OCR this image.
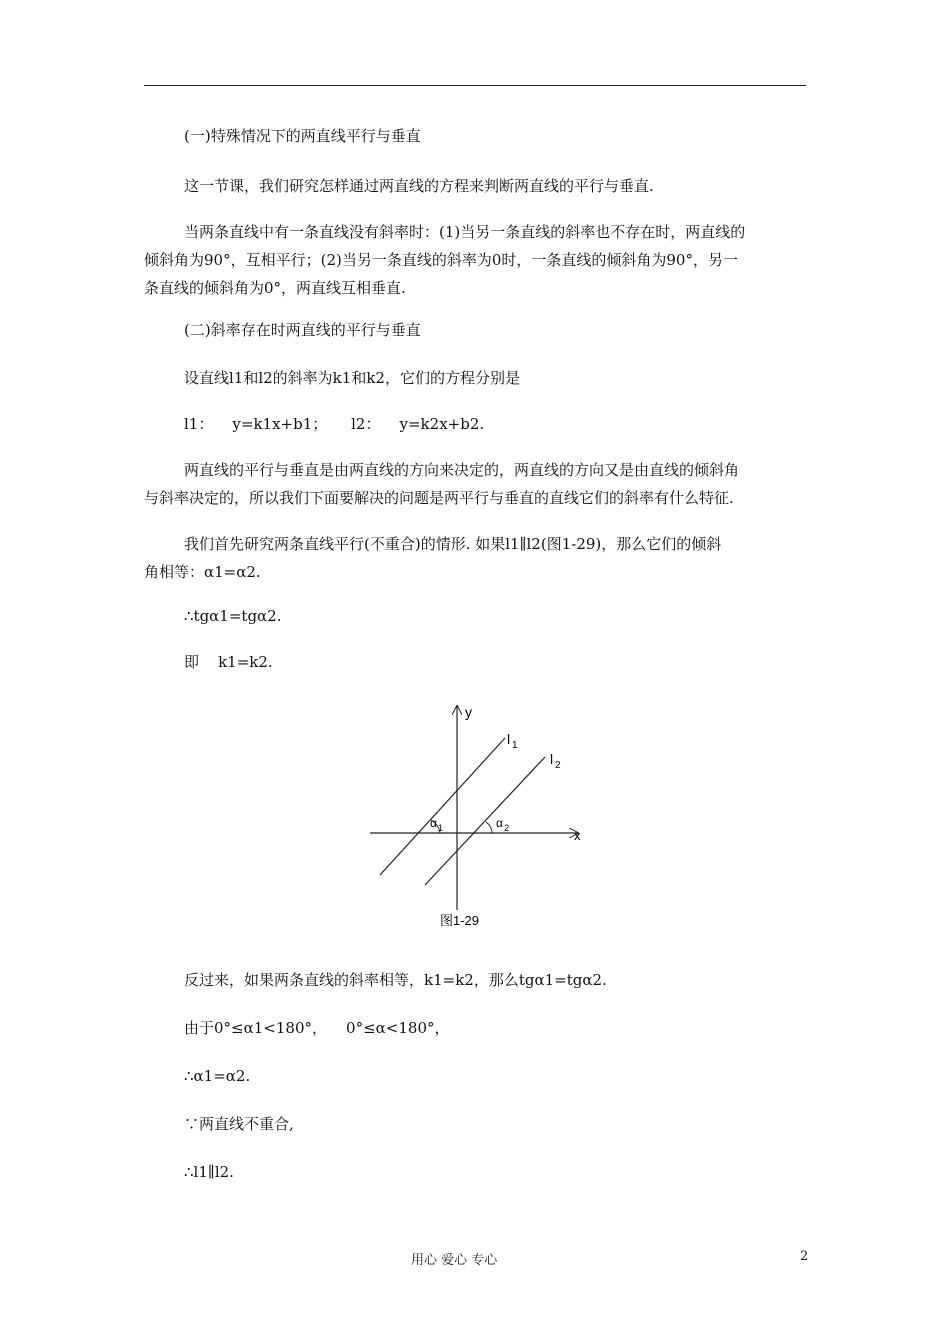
(一)特殊情况下的两直线平行与垂直

这一节课，我们研究怎样通过两直线的方程来判断两直线的平行与垂直.

当两条直线中有一条直线没有斜率时：(1)当另一条直线的斜率也不存在时，两直线的
倾斜角为90°，互相平行；(2)当另一条直线的斜率为0时，一条直线的倾斜角为90°，另一
条直线的倾斜角为0°，两直线互相垂直.

(二)斜率存在时两直线的平行与垂直

设直线l1和l2的斜率为k1和k2，它们的方程分别是

l1：    y=k1x+b1；     l2：    y=k2x+b2.

两直线的平行与垂直是由两直线的方向来决定的，两直线的方向又是由直线的倾斜角
与斜率决定的，所以我们下面要解决的问题是两平行与垂直的直线它们的斜率有什么特征.
我们首先研究两条直线平行(不重合)的情形. 如果l1∥l2(图1-29)，那么它们的倾斜
角相等：α1=α2.

∴tgα1=tgα2.

即    k1=k2.

y
x
l 1
l 2
α 1	α 2
图1-29

反过来，如果两条直线的斜率相等，k1=k2，那么tgα1=tgα2.

由于0°≤α1<180°，    0°≤α<180°，

∴α1=α2.

∵两直线不重合,

∴l1∥l2.

用心 爱心 专心	2
